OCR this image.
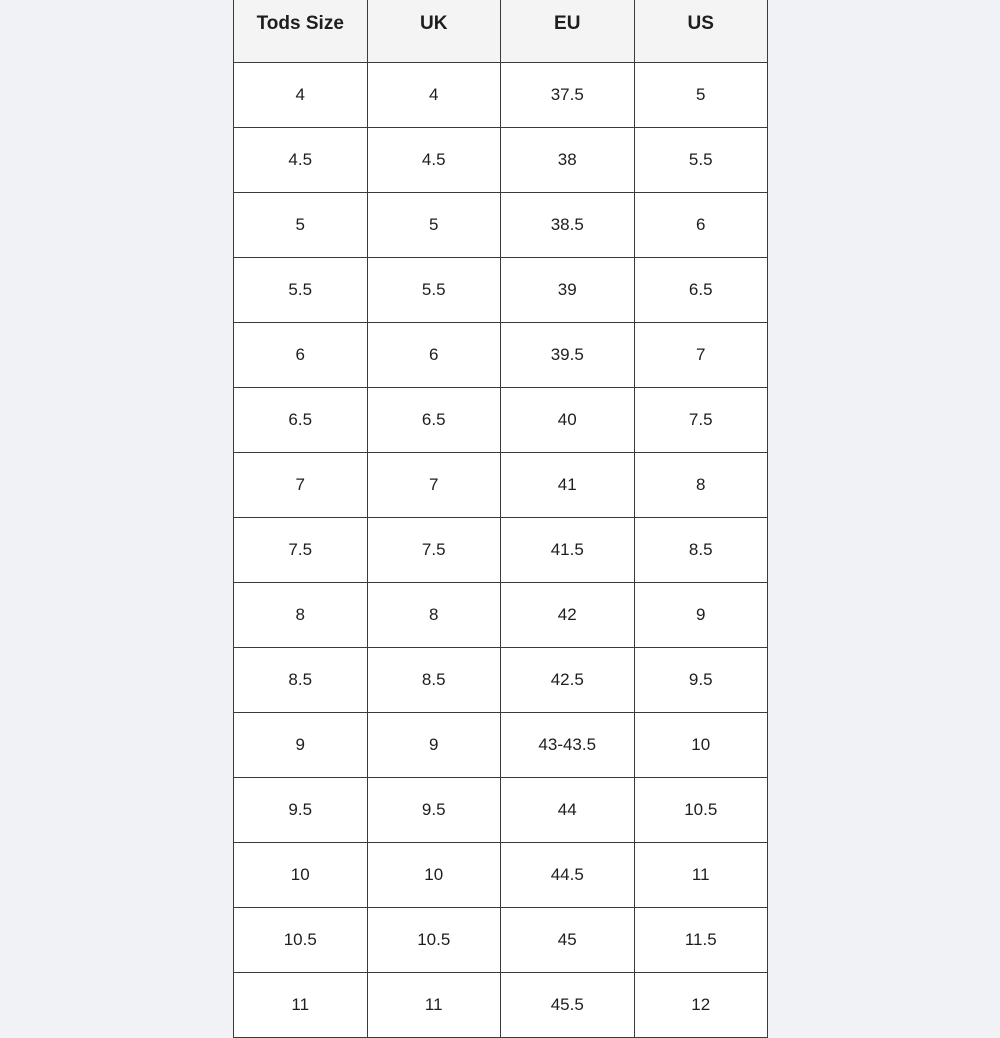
Tods Size	UK	EU	US
4	4	37.5	5
4.5	4.5	38	5.5
5	5	38.5	6
5.5	5.5	39	6.5
6	6	39.5	7
6.5	6.5	40	7.5
7	7	41	8
7.5	7.5	41.5	8.5
8	8	42	9
8.5	8.5	42.5	9.5
9	9	43-43.5	10
9.5	9.5	44	10.5
10	10	44.5	11
10.5	10.5	45	11.5
11	11	45.5	12
